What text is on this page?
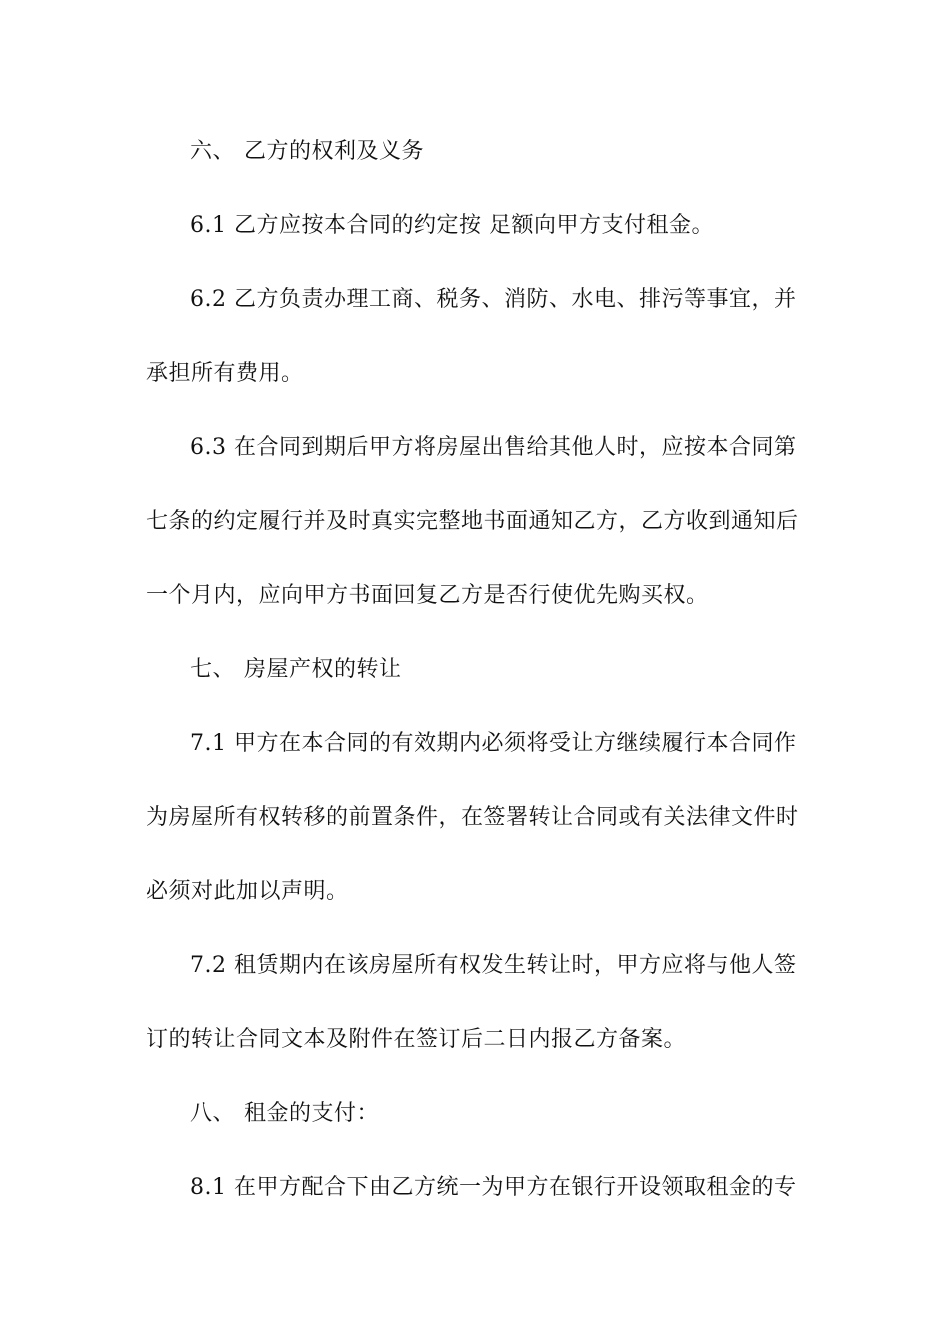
六、 乙方的权利及义务
6.1 乙方应按本合同的约定按 足额向甲方支付租金。
6.2 乙方负责办理工商、税务、消防、水电、排污等事宜，并
承担所有费用。
6.3 在合同到期后甲方将房屋出售给其他人时，应按本合同第
七条的约定履行并及时真实完整地书面通知乙方，乙方收到通知后
一个月内，应向甲方书面回复乙方是否行使优先购买权。
七、 房屋产权的转让
7.1 甲方在本合同的有效期内必须将受让方继续履行本合同作
为房屋所有权转移的前置条件，在签署转让合同或有关法律文件时
必须对此加以声明。
7.2 租赁期内在该房屋所有权发生转让时，甲方应将与他人签
订的转让合同文本及附件在签订后二日内报乙方备案。
八、 租金的支付：
8.1 在甲方配合下由乙方统一为甲方在银行开设领取租金的专
